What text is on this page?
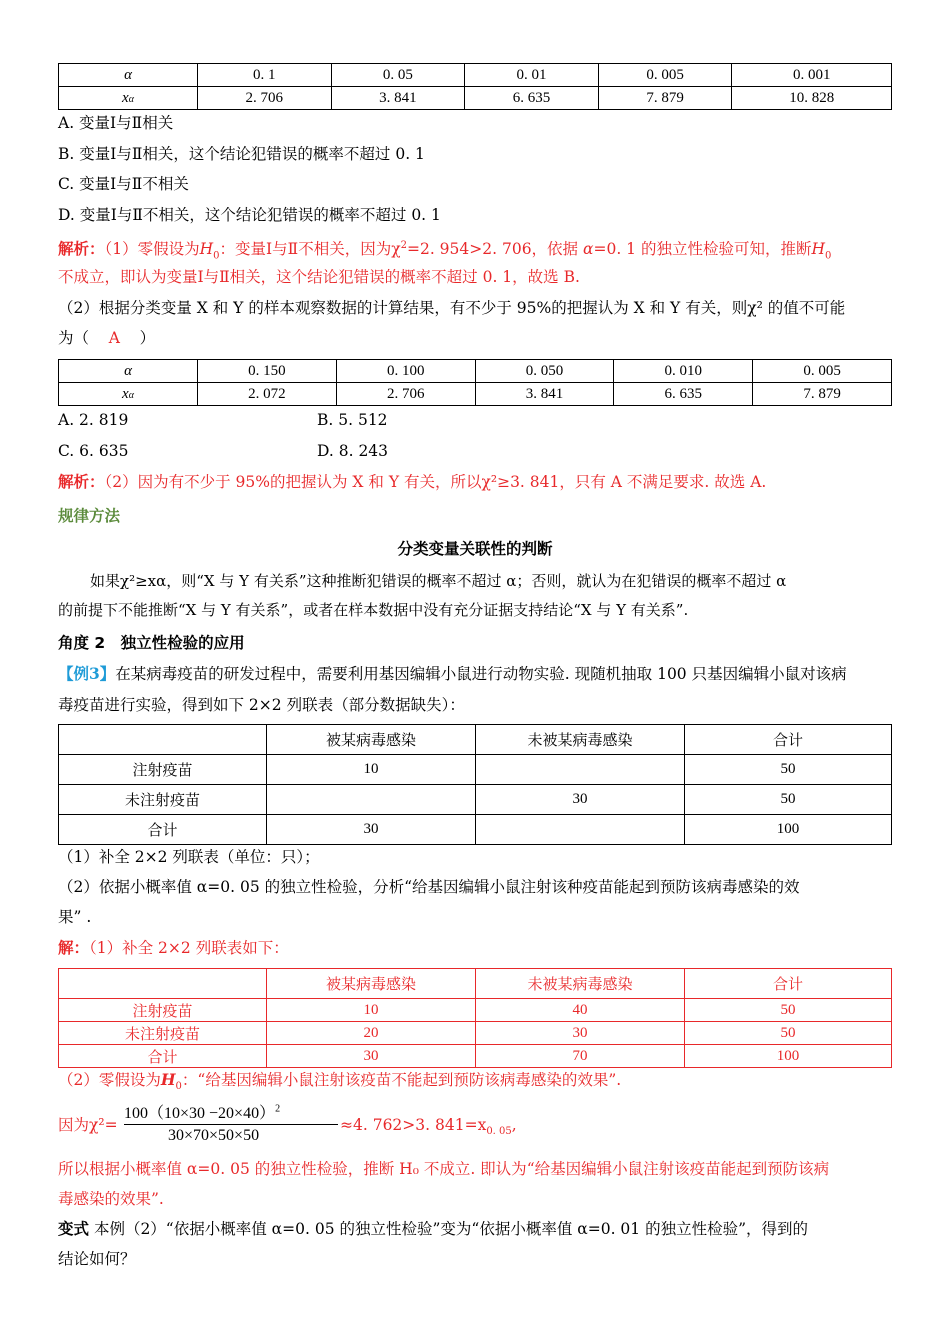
α	0. 1	0. 05	0. 01	0. 005	0. 001
xα	2. 706	3. 841	6. 635	7. 879	10. 828
A. 变量Ⅰ与Ⅱ相关
B. 变量Ⅰ与Ⅱ相关，这个结论犯错误的概率不超过 0. 1
C. 变量Ⅰ与Ⅱ不相关
D. 变量Ⅰ与Ⅱ不相关，这个结论犯错误的概率不超过 0. 1
解析：（1）零假设为$H_0$：变量Ⅰ与Ⅱ不相关，因为$\chi^2=2$. 954>2. 706，依据 α=0. 1 的独立性检验可知，推断$H_0$
不成立，即认为变量Ⅰ与Ⅱ相关，这个结论犯错误的概率不超过 0. 1，故选 B.
（2）根据分类变量 X 和 Y 的样本观察数据的计算结果，有不少于 95%的把握认为 X 和 Y 有关，则χ² 的值不可能
为（ A ）
α	0. 150	0. 100	0. 050	0. 010	0. 005
xα	2. 072	2. 706	3. 841	6. 635	7. 879
A. 2. 819	B. 5. 512
C. 6. 635	D. 8. 243
解析：（2）因为有不少于 95%的把握认为 X 和 Y 有关，所以χ²≥3. 841，只有 A 不满足要求. 故选 A.
规律方法
分类变量关联性的判断
如果χ²≥xα，则“X 与 Y 有关系”这种推断犯错误的概率不超过 α；否则，就认为在犯错误的概率不超过 α
的前提下不能推断“X 与 Y 有关系”，或者在样本数据中没有充分证据支持结论“X 与 Y 有关系”.
角度 2　独立性检验的应用
【例3】在某病毒疫苗的研发过程中，需要利用基因编辑小鼠进行动物实验. 现随机抽取 100 只基因编辑小鼠对该病
毒疫苗进行实验，得到如下 2×2 列联表（部分数据缺失）：
	被某病毒感染	未被某病毒感染	合计
注射疫苗	10		50
未注射疫苗		30	50
合计	30		100
（1）补全 2×2 列联表（单位：只）；
（2）依据小概率值 α=0. 05 的独立性检验，分析“给基因编辑小鼠注射该种疫苗能起到预防该病毒感染的效
果” .
解：（1）补全 2×2 列联表如下：
	被某病毒感染	未被某病毒感染	合计
注射疫苗	10	40	50
未注射疫苗	20	30	50
合计	30	70	100
（2）零假设为$H_0$：“给基因编辑小鼠注射该疫苗不能起到预防该病毒感染的效果”.
因为χ²=
$100(10\times 30 -20\times 40)^2$
30×70×50×50
≈4. 762>3. $841=x_{0. 05}$,
所以根据小概率值 α=0. 05 的独立性检验，推断 H₀ 不成立. 即认为“给基因编辑小鼠注射该疫苗能起到预防该病
毒感染的效果”.
变式 本例（2）“依据小概率值 α=0. 05 的独立性检验”变为“依据小概率值 α=0. 01 的独立性检验”，得到的
结论如何？
